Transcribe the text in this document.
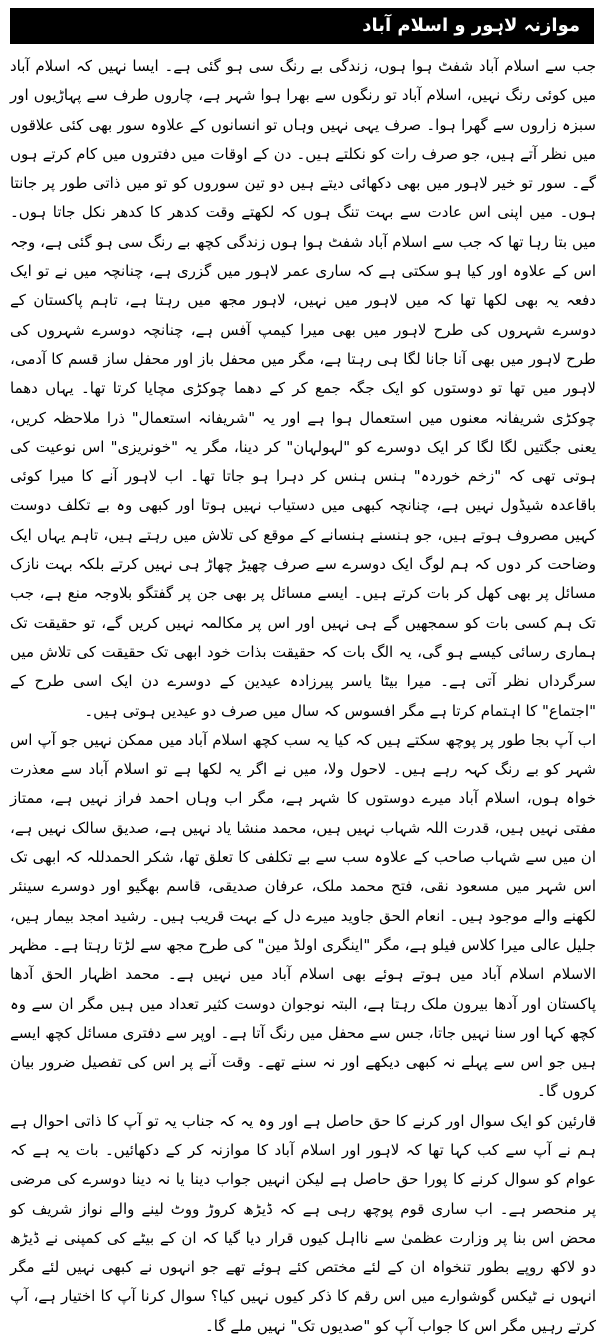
موازنہ لاہور و اسلام آباد

جب سے اسلام آباد شفٹ ہوا ہوں، زندگی بے رنگ سی ہو گئی ہے۔ ایسا نہیں کہ اسلام آباد میں کوئی رنگ نہیں، اسلام آباد تو رنگوں سے بھرا ہوا شہر ہے، چاروں طرف سے پہاڑیوں اور سبزہ زاروں سے گھرا ہوا۔ صرف یہی نہیں وہاں تو انسانوں کے علاوہ سور بھی کئی علاقوں میں نظر آتے ہیں، جو صرف رات کو نکلتے ہیں۔ دن کے اوقات میں دفتروں میں کام کرتے ہوں گے۔ سور تو خیر لاہور میں بھی دکھائی دیتے ہیں دو تین سوروں کو تو میں ذاتی طور پر جانتا ہوں۔ میں اپنی اس عادت سے بہت تنگ ہوں کہ لکھتے وقت کدھر کا کدھر نکل جاتا ہوں۔ میں بتا رہا تھا کہ جب سے اسلام آباد شفٹ ہوا ہوں زندگی کچھ بے رنگ سی ہو گئی ہے، وجہ اس کے علاوہ اور کیا ہو سکتی ہے کہ ساری عمر لاہور میں گزری ہے، چنانچہ میں نے تو ایک دفعہ یہ بھی لکھا تھا کہ میں لاہور میں نہیں، لاہور مجھ میں رہتا ہے، تاہم پاکستان کے دوسرے شہروں کی طرح لاہور میں بھی میرا کیمپ آفس ہے، چنانچہ دوسرے شہروں کی طرح لاہور میں بھی آنا جانا لگا ہی رہتا ہے، مگر میں محفل باز اور محفل ساز قسم کا آدمی، لاہور میں تھا تو دوستوں کو ایک جگہ جمع کر کے دھما چوکڑی مچایا کرتا تھا۔ یہاں دھما چوکڑی شریفانہ معنوں میں استعمال ہوا ہے اور یہ "شریفانہ استعمال" ذرا ملاحظہ کریں، یعنی جگتیں لگا لگا کر ایک دوسرے کو "لہولہان" کر دینا، مگر یہ "خونریزی" اس نوعیت کی ہوتی تھی کہ "زخم خوردہ" ہنس ہنس کر دہرا ہو جاتا تھا۔ اب لاہور آنے کا میرا کوئی باقاعدہ شیڈول نہیں ہے، چنانچہ کبھی میں دستیاب نہیں ہوتا اور کبھی وہ بے تکلف دوست کہیں مصروف ہوتے ہیں، جو ہنسنے ہنسانے کے موقع کی تلاش میں رہتے ہیں، تاہم یہاں ایک وضاحت کر دوں کہ ہم لوگ ایک دوسرے سے صرف چھیڑ چھاڑ ہی نہیں کرتے بلکہ بہت نازک مسائل پر بھی کھل کر بات کرتے ہیں۔ ایسے مسائل پر بھی جن پر گفتگو بلاوجہ منع ہے، جب تک ہم کسی بات کو سمجھیں گے ہی نہیں اور اس پر مکالمہ نہیں کریں گے، تو حقیقت تک ہماری رسائی کیسے ہو گی، یہ الگ بات کہ حقیقت بذات خود ابھی تک حقیقت کی تلاش میں سرگرداں نظر آتی ہے۔ میرا بیٹا یاسر پیرزادہ عیدین کے دوسرے دن ایک اسی طرح کے "اجتماع" کا اہتمام کرتا ہے مگر افسوس کہ سال میں صرف دو عیدیں ہوتی ہیں۔

اب آپ بجا طور پر پوچھ سکتے ہیں کہ کیا یہ سب کچھ اسلام آباد میں ممکن نہیں جو آپ اس شہر کو بے رنگ کہہ رہے ہیں۔ لاحول ولا، میں نے اگر یہ لکھا ہے تو اسلام آباد سے معذرت خواہ ہوں، اسلام آباد میرے دوستوں کا شہر ہے، مگر اب وہاں احمد فراز نہیں ہے، ممتاز مفتی نہیں ہیں، قدرت اللہ شہاب نہیں ہیں، محمد منشا یاد نہیں ہے، صدیق سالک نہیں ہے، ان میں سے شہاب صاحب کے علاوہ سب سے بے تکلفی کا تعلق تھا، شکر الحمدللہ کہ ابھی تک اس شہر میں مسعود نقی، فتح محمد ملک، عرفان صدیقی، قاسم بھگیو اور دوسرے سینئر لکھنے والے موجود ہیں۔ انعام الحق جاوید میرے دل کے بہت قریب ہیں۔ رشید امجد بیمار ہیں، جلیل عالی میرا کلاس فیلو ہے، مگر "اینگری اولڈ مین" کی طرح مجھ سے لڑتا رہتا ہے۔ مظہر الاسلام اسلام آباد میں ہوتے ہوئے بھی اسلام آباد میں نہیں ہے۔ محمد اظہار الحق آدھا پاکستان اور آدھا بیرون ملک رہتا ہے، البتہ نوجوان دوست کثیر تعداد میں ہیں مگر ان سے وہ کچھ کہا اور سنا نہیں جاتا، جس سے محفل میں رنگ آتا ہے۔ اوپر سے دفتری مسائل کچھ ایسے ہیں جو اس سے پہلے نہ کبھی دیکھے اور نہ سنے تھے۔ وقت آنے پر اس کی تفصیل ضرور بیان کروں گا۔

قارئین کو ایک سوال اور کرنے کا حق حاصل ہے اور وہ یہ کہ جناب یہ تو آپ کا ذاتی احوال ہے ہم نے آپ سے کب کہا تھا کہ لاہور اور اسلام آباد کا موازنہ کر کے دکھائیں۔ بات یہ ہے کہ عوام کو سوال کرنے کا پورا حق حاصل ہے لیکن انہیں جواب دینا یا نہ دینا دوسرے کی مرضی پر منحصر ہے۔ اب ساری قوم پوچھ رہی ہے کہ ڈیڑھ کروڑ ووٹ لینے والے نواز شریف کو محض اس بنا پر وزارت عظمیٰ سے نااہل کیوں قرار دیا گیا کہ ان کے بیٹے کی کمپنی نے ڈیڑھ دو لاکھ روپے بطور تنخواہ ان کے لئے مختص کئے ہوئے تھے جو انہوں نے کبھی نہیں لئے مگر انہوں نے ٹیکس گوشوارے میں اس رقم کا ذکر کیوں نہیں کیا؟ سوال کرنا آپ کا اختیار ہے، آپ کرتے رہیں مگر اس کا جواب آپ کو "صدیوں تک" نہیں ملے گا۔
